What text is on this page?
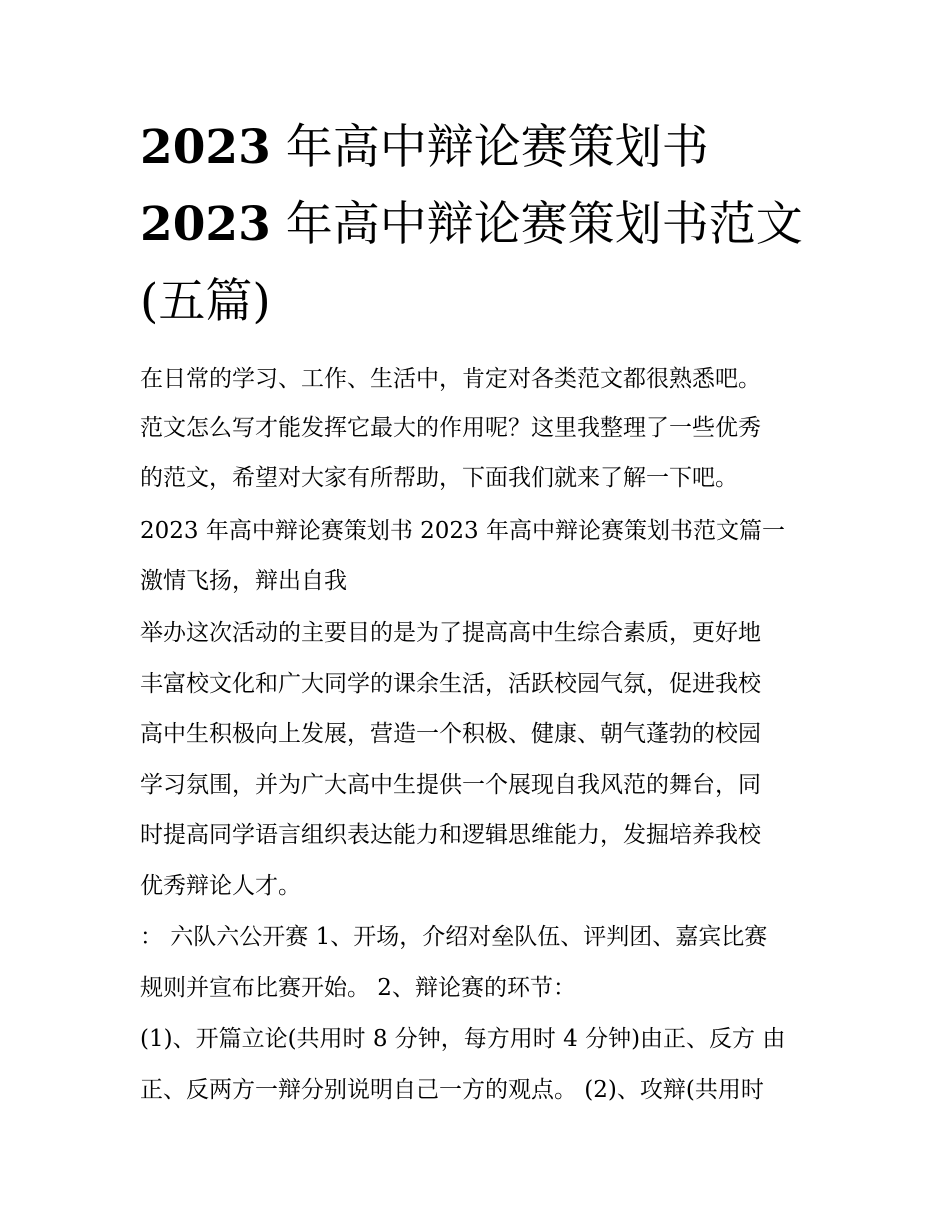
2023 年高中辩论赛策划书
2023 年高中辩论赛策划书范文
(五篇)

在日常的学习、工作、生活中，肯定对各类范文都很熟悉吧。

范文怎么写才能发挥它最大的作用呢？这里我整理了一些优秀

的范文，希望对大家有所帮助，下面我们就来了解一下吧。

2023 年高中辩论赛策划书 2023 年高中辩论赛策划书范文篇一

激情飞扬，辩出自我

举办这次活动的主要目的是为了提高高中生综合素质，更好地

丰富校文化和广大同学的课余生活，活跃校园气氛，促进我校

高中生积极向上发展，营造一个积极、健康、朝气蓬勃的校园

学习氛围，并为广大高中生提供一个展现自我风范的舞台，同

时提高同学语言组织表达能力和逻辑思维能力，发掘培养我校

优秀辩论人才。

： 六队六公开赛 1、开场，介绍对垒队伍、评判团、嘉宾比赛

规则并宣布比赛开始。 2、辩论赛的环节：

(1)、开篇立论(共用时 8 分钟，每方用时 4 分钟)由正、反方 由

正、反两方一辩分别说明自己一方的观点。 (2)、攻辩(共用时
